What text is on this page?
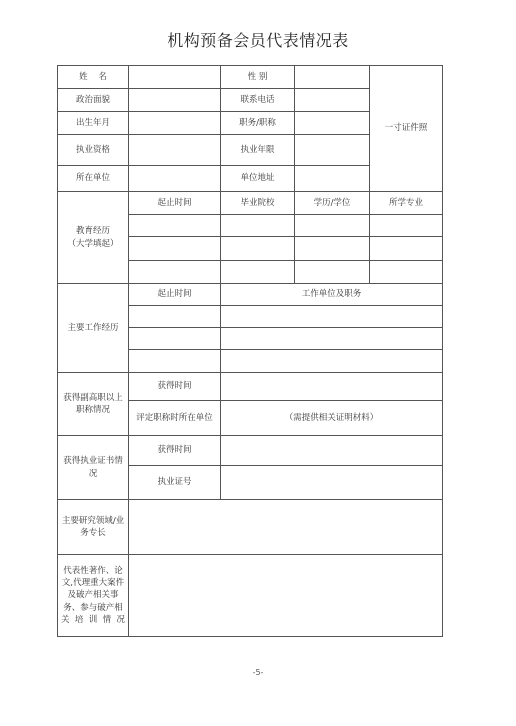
机构预备会员代表情况表
姓    名		性 别		一寸证件照
政治面貌		联系电话		
出生年月		职务/职称		
执业资格		执业年限		
所在单位		单位地址		
教育经历
（大学填起）	起止时间	毕业院校	学历/学位	所学专业

主要工作经历	起止时间	工作单位及职务		

获得副高职以上职称情况	获得时间			
	评定职称时所在单位	（需提供相关证明材料）		
获得执业证书情况	获得时间			
	执业证号			
主要研究领域/业务专长				
代表性著作、论文,代理重大案件及破产相关事务、参与破产相关培训情况				
-5-
